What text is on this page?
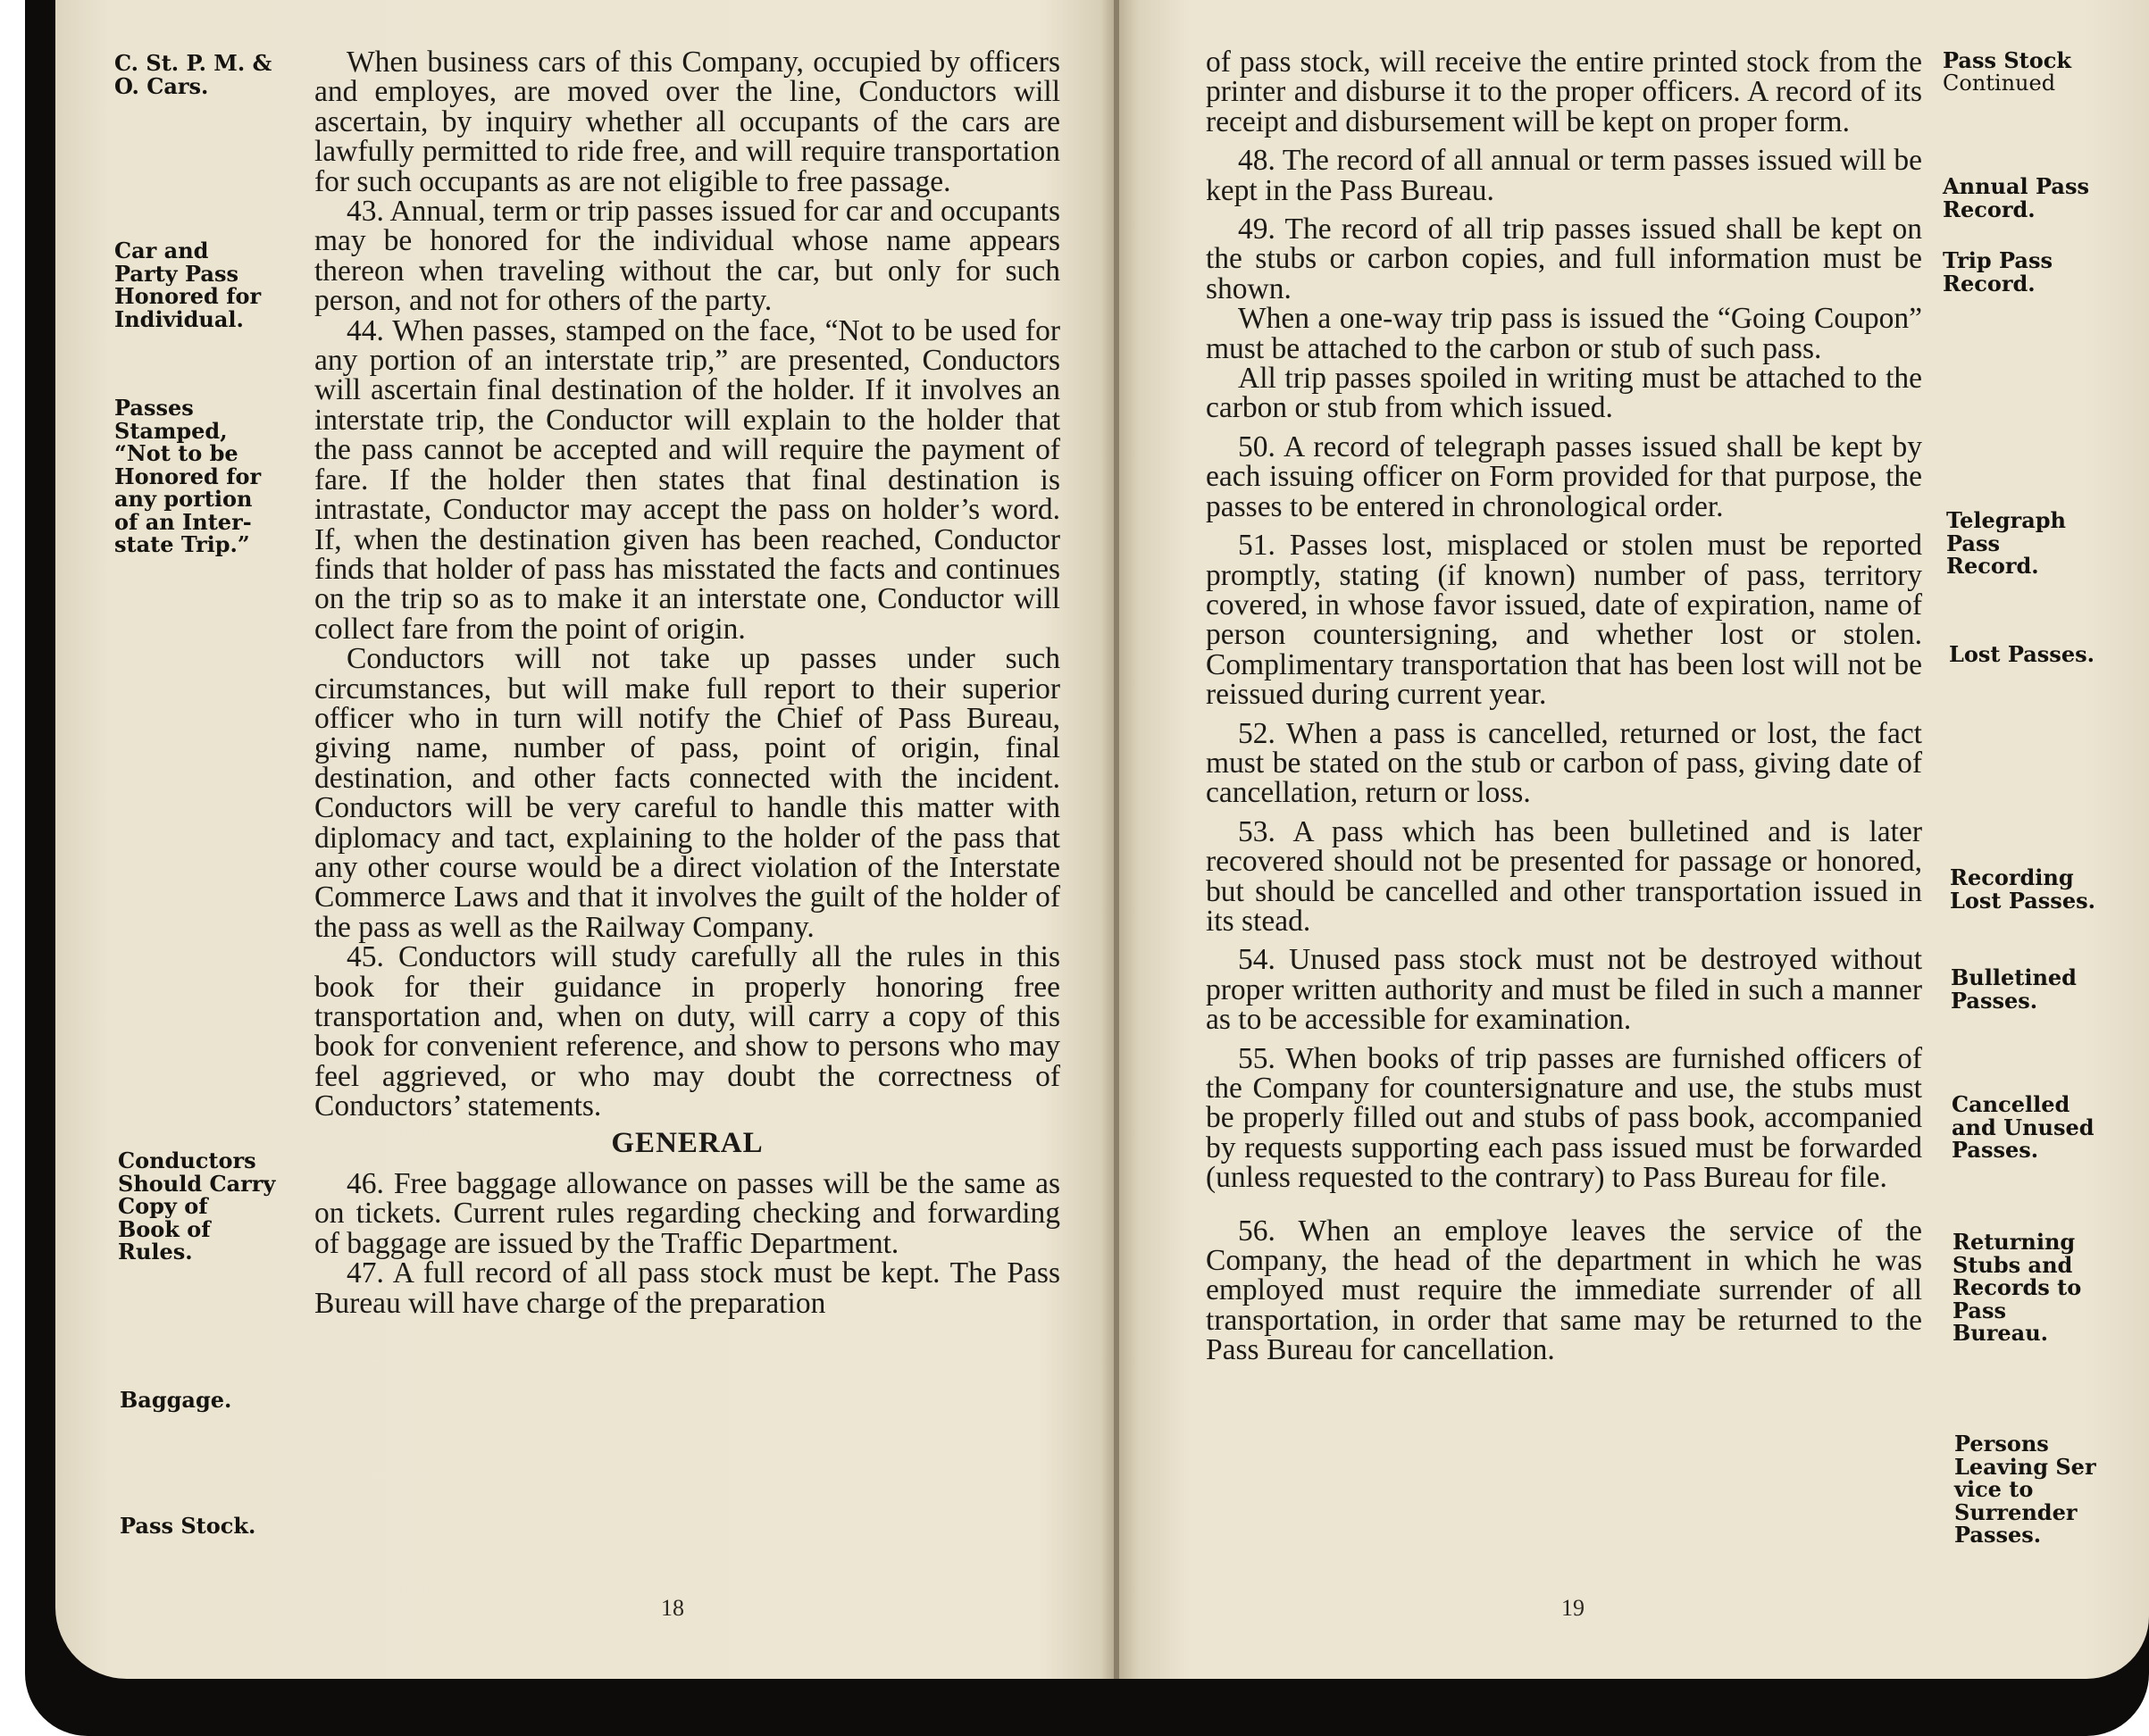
C. St. P. M. &
O. Cars.
Car and
Party Pass
Honored for
Individual.
Passes
Stamped,
“Not to be
Honored for
any portion
of an Inter-
state Trip.”
Conductors
Should Carry
Copy of
Book of
Rules.
Baggage.
Pass Stock.

When business cars of this Company, occupied by officers and employes, are moved over the line, Conductors will ascertain, by inquiry whether all occupants of the cars are lawfully permitted to ride free, and will require transportation for such occupants as are not eligible to free passage.

43. Annual, term or trip passes issued for car and occupants may be honored for the individual whose name appears thereon when traveling without the car, but only for such person, and not for others of the party.

44. When passes, stamped on the face, “Not to be used for any portion of an interstate trip,” are presented, Conductors will ascertain final destination of the holder. If it involves an interstate trip, the Conductor will explain to the holder that the pass cannot be accepted and will require the payment of fare. If the holder then states that final destination is intrastate, Conductor may accept the pass on holder’s word. If, when the destination given has been reached, Conductor finds that holder of pass has misstated the facts and continues on the trip so as to make it an interstate one, Conductor will collect fare from the point of origin.

Conductors will not take up passes under such circumstances, but will make full report to their superior officer who in turn will notify the Chief of Pass Bureau, giving name, number of pass, point of origin, final destination, and other facts connected with the incident. Conductors will be very careful to handle this matter with diplomacy and tact, explaining to the holder of the pass that any other course would be a direct violation of the Interstate Commerce Laws and that it involves the guilt of the holder of the pass as well as the Railway Company.

45. Conductors will study carefully all the rules in this book for their guidance in properly honoring free transportation and, when on duty, will carry a copy of this book for convenient reference, and show to persons who may feel aggrieved, or who may doubt the correctness of Conductors’ statements.

GENERAL

46. Free baggage allowance on passes will be the same as on tickets. Current rules regarding checking and forwarding of baggage are issued by the Traffic Department.

47. A full record of all pass stock must be kept. The Pass Bureau will have charge of the preparation

18
Pass Stock
Continued
Annual Pass
Record.
Trip Pass
Record.
Telegraph
Pass
Record.
Lost Passes.
Recording
Lost Passes.
Bulletined
Passes.
Cancelled
and Unused
Passes.
Returning
Stubs and
Records to
Pass
Bureau.
Persons
Leaving Ser
vice to
Surrender
Passes.

of pass stock, will receive the entire printed stock from the printer and disburse it to the proper officers. A record of its receipt and disbursement will be kept on proper form.

48. The record of all annual or term passes issued will be kept in the Pass Bureau.

49. The record of all trip passes issued shall be kept on the stubs or carbon copies, and full information must be shown.

When a one-way trip pass is issued the “Going Coupon” must be attached to the carbon or stub of such pass.

All trip passes spoiled in writing must be attached to the carbon or stub from which issued.

50. A record of telegraph passes issued shall be kept by each issuing officer on Form provided for that purpose, the passes to be entered in chronological order.

51. Passes lost, misplaced or stolen must be reported promptly, stating (if known) number of pass, territory covered, in whose favor issued, date of expiration, name of person countersigning, and whether lost or stolen. Complimentary transportation that has been lost will not be reissued during current year.

52. When a pass is cancelled, returned or lost, the fact must be stated on the stub or carbon of pass, giving date of cancellation, return or loss.

53. A pass which has been bulletined and is later recovered should not be presented for passage or honored, but should be cancelled and other transportation issued in its stead.

54. Unused pass stock must not be destroyed without proper written authority and must be filed in such a manner as to be accessible for examination.

55. When books of trip passes are furnished officers of the Company for countersignature and use, the stubs must be properly filled out and stubs of pass book, accompanied by requests supporting each pass issued must be forwarded (unless requested to the contrary) to Pass Bureau for file.

56. When an employe leaves the service of the Company, the head of the department in which he was employed must require the immediate surrender of all transportation, in order that same may be returned to the Pass Bureau for cancellation.

19
